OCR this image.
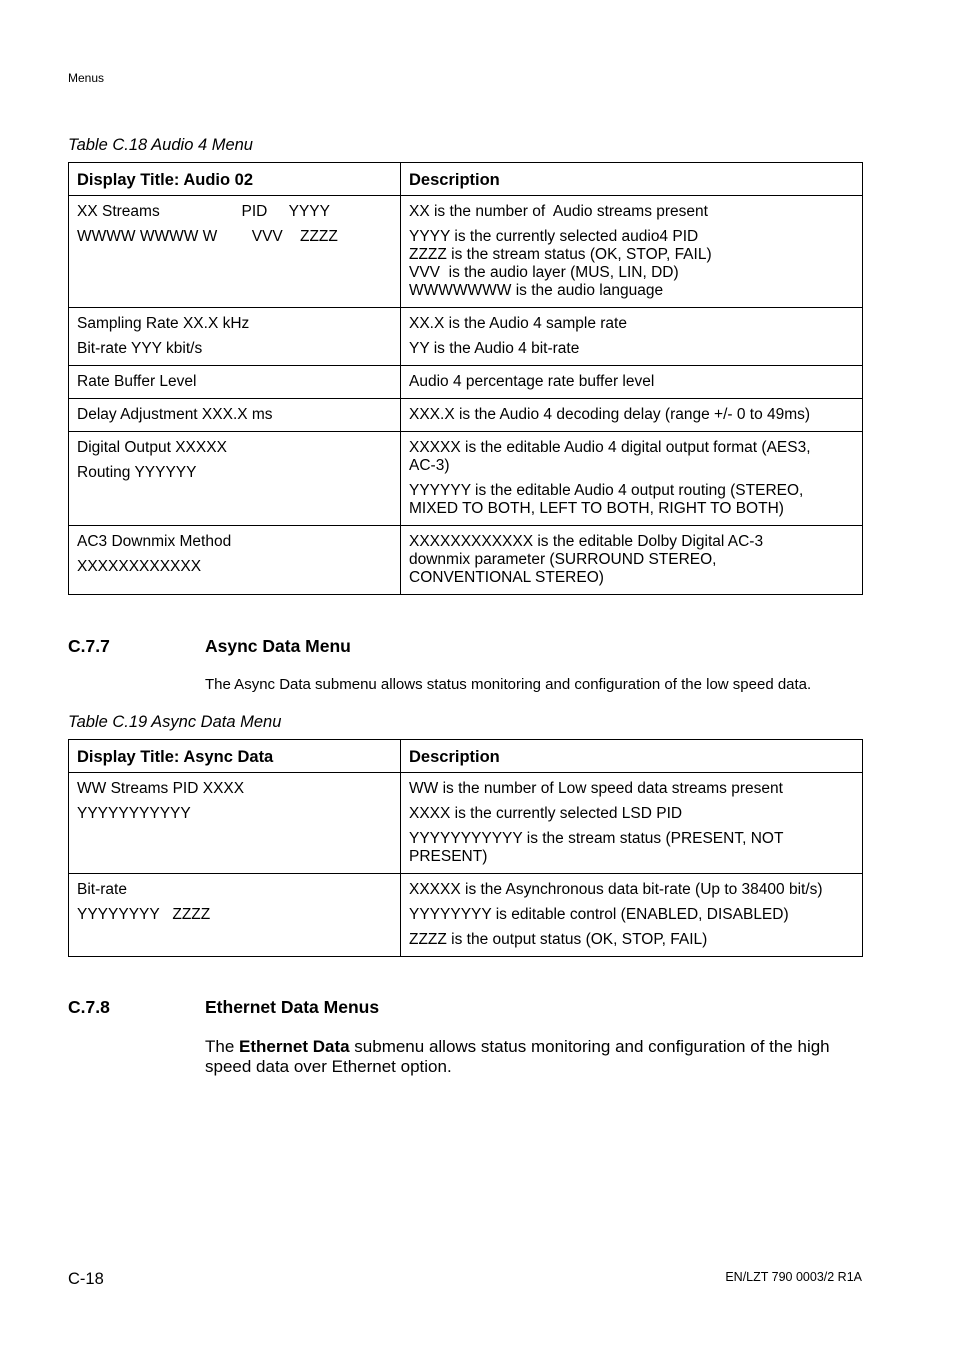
Menus
Table C.18 Audio 4 Menu
Display Title: Audio 02	Description

XX Streams                   PID     YYYY
WWWW WWWW W        VVV    ZZZZ	XX is the number of  Audio streams present
YYYY is the currently selected audio4 PID
ZZZZ is the stream status (OK, STOP, FAIL)
VVV  is the audio layer (MUS, LIN, DD)
WWWWWWW is the audio language

Sampling Rate XX.X kHz
Bit-rate YYY kbit/s	XX.X is the Audio 4 sample rate
YY is the Audio 4 bit-rate

Rate Buffer Level	Audio 4 percentage rate buffer level

Delay Adjustment XXX.X ms	XXX.X is the Audio 4 decoding delay (range +/- 0 to 49ms)

Digital Output XXXXX
Routing YYYYYY	XXXXX is the editable Audio 4 digital output format (AES3,
AC-3)
YYYYYY is the editable Audio 4 output routing (STEREO,
MIXED TO BOTH, LEFT TO BOTH, RIGHT TO BOTH)

AC3 Downmix Method
XXXXXXXXXXXX	XXXXXXXXXXXX is the editable Dolby Digital AC-3
downmix parameter (SURROUND STEREO,
CONVENTIONAL STEREO)
C.7.7	Async Data Menu
The Async Data submenu allows status monitoring and configuration of the low speed data.
Table C.19 Async Data Menu
Display Title: Async Data	Description

WW Streams PID XXXX
YYYYYYYYYYY	WW is the number of Low speed data streams present
XXXX is the currently selected LSD PID
YYYYYYYYYYY is the stream status (PRESENT, NOT
PRESENT)

Bit-rate
YYYYYYYY   ZZZZ	XXXXX is the Asynchronous data bit-rate (Up to 38400 bit/s)
YYYYYYYY is editable control (ENABLED, DISABLED)
ZZZZ is the output status (OK, STOP, FAIL)
C.7.8	Ethernet Data Menus
The Ethernet Data submenu allows status monitoring and configuration of the high speed data over Ethernet option.
C-18	EN/LZT 790 0003/2 R1A
